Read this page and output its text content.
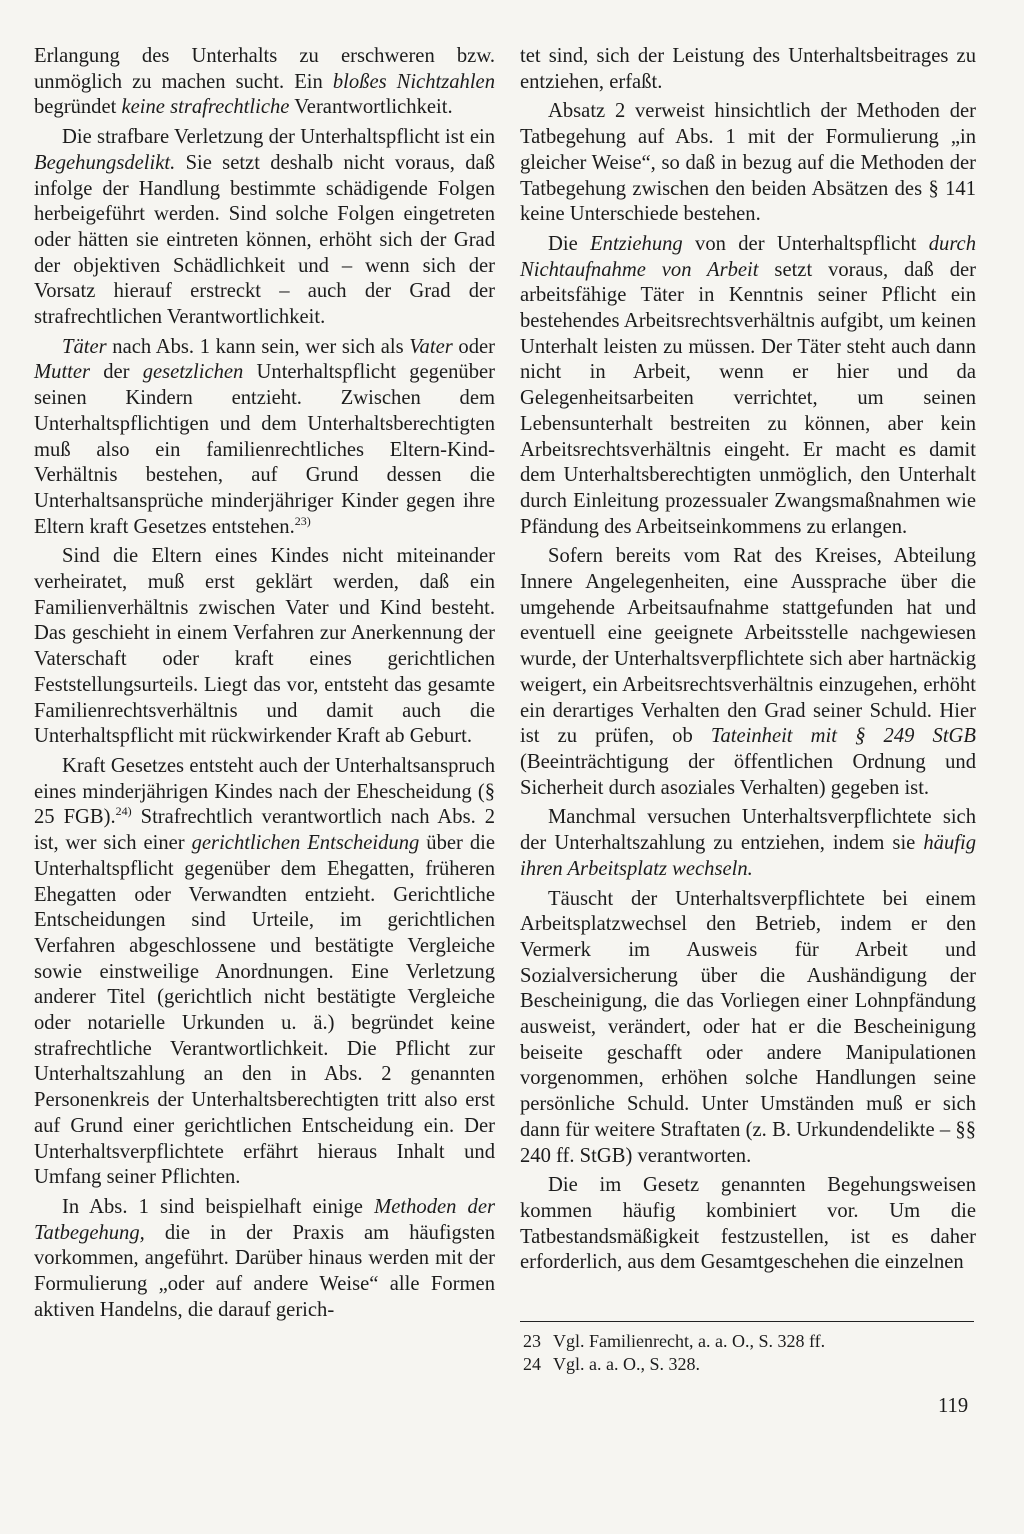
Erlangung des Unterhalts zu erschweren bzw. unmöglich zu machen sucht. Ein bloßes Nichtzahlen begründet keine strafrechtliche Verantwortlichkeit.

Die strafbare Verletzung der Unterhaltspflicht ist ein Begehungsdelikt. Sie setzt deshalb nicht voraus, daß infolge der Handlung bestimmte schädigende Folgen herbeigeführt werden. Sind solche Folgen eingetreten oder hätten sie eintreten können, erhöht sich der Grad der objektiven Schädlichkeit und – wenn sich der Vorsatz hierauf erstreckt – auch der Grad der strafrechtlichen Verantwortlichkeit.

Täter nach Abs. 1 kann sein, wer sich als Vater oder Mutter der gesetzlichen Unterhaltspflicht gegenüber seinen Kindern entzieht. Zwischen dem Unterhaltspflichtigen und dem Unterhaltsberechtigten muß also ein familienrechtliches Eltern-Kind-Verhältnis bestehen, auf Grund dessen die Unterhaltsansprüche minderjähriger Kinder gegen ihre Eltern kraft Gesetzes entstehen.$^{23)}$

Sind die Eltern eines Kindes nicht miteinander verheiratet, muß erst geklärt werden, daß ein Familienverhältnis zwischen Vater und Kind besteht. Das geschieht in einem Verfahren zur Anerkennung der Vaterschaft oder kraft eines gerichtlichen Feststellungsurteils. Liegt das vor, entsteht das gesamte Familienrechtsverhältnis und damit auch die Unterhaltspflicht mit rückwirkender Kraft ab Geburt.

Kraft Gesetzes entsteht auch der Unterhaltsanspruch eines minderjährigen Kindes nach der Ehescheidung (§ 25 FGB).$^{24)}$ Strafrechtlich verantwortlich nach Abs. 2 ist, wer sich einer gerichtlichen Entscheidung über die Unterhaltspflicht gegenüber dem Ehegatten, früheren Ehegatten oder Verwandten entzieht. Gerichtliche Entscheidungen sind Urteile, im gerichtlichen Verfahren abgeschlossene und bestätigte Vergleiche sowie einstweilige Anordnungen. Eine Verletzung anderer Titel (gerichtlich nicht bestätigte Vergleiche oder notarielle Urkunden u. ä.) begründet keine strafrechtliche Verantwortlichkeit. Die Pflicht zur Unterhaltszahlung an den in Abs. 2 genannten Personenkreis der Unterhaltsberechtigten tritt also erst auf Grund einer gerichtlichen Entscheidung ein. Der Unterhaltsverpflichtete erfährt hieraus Inhalt und Umfang seiner Pflichten.

In Abs. 1 sind beispielhaft einige Methoden der Tatbegehung, die in der Praxis am häufigsten vorkommen, angeführt. Darüber hinaus werden mit der Formulierung „oder auf andere Weise“ alle Formen aktiven Handelns, die darauf gerich-

tet sind, sich der Leistung des Unterhaltsbeitrages zu entziehen, erfaßt.

Absatz 2 verweist hinsichtlich der Methoden der Tatbegehung auf Abs. 1 mit der Formulierung „in gleicher Weise“, so daß in bezug auf die Methoden der Tatbegehung zwischen den beiden Absätzen des § 141 keine Unterschiede bestehen.

Die Entziehung von der Unterhaltspflicht durch Nichtaufnahme von Arbeit setzt voraus, daß der arbeitsfähige Täter in Kenntnis seiner Pflicht ein bestehendes Arbeitsrechtsverhältnis aufgibt, um keinen Unterhalt leisten zu müssen. Der Täter steht auch dann nicht in Arbeit, wenn er hier und da Gelegenheitsarbeiten verrichtet, um seinen Lebensunterhalt bestreiten zu können, aber kein Arbeitsrechtsverhältnis eingeht. Er macht es damit dem Unterhaltsberechtigten unmöglich, den Unterhalt durch Einleitung prozessualer Zwangsmaßnahmen wie Pfändung des Arbeitseinkommens zu erlangen.

Sofern bereits vom Rat des Kreises, Abteilung Innere Angelegenheiten, eine Aussprache über die umgehende Arbeitsaufnahme stattgefunden hat und eventuell eine geeignete Arbeitsstelle nachgewiesen wurde, der Unterhaltsverpflichtete sich aber hartnäckig weigert, ein Arbeitsrechtsverhältnis einzugehen, erhöht ein derartiges Verhalten den Grad seiner Schuld. Hier ist zu prüfen, ob Tateinheit mit § 249 StGB (Beeinträchtigung der öffentlichen Ordnung und Sicherheit durch asoziales Verhalten) gegeben ist.

Manchmal versuchen Unterhaltsverpflichtete sich der Unterhaltszahlung zu entziehen, indem sie häufig ihren Arbeitsplatz wechseln.

Täuscht der Unterhaltsverpflichtete bei einem Arbeitsplatzwechsel den Betrieb, indem er den Vermerk im Ausweis für Arbeit und Sozialversicherung über die Aushändigung der Bescheinigung, die das Vorliegen einer Lohnpfändung ausweist, verändert, oder hat er die Bescheinigung beiseite geschafft oder andere Manipulationen vorgenommen, erhöhen solche Handlungen seine persönliche Schuld. Unter Umständen muß er sich dann für weitere Straftaten (z. B. Urkundendelikte – §§ 240 ff. StGB) verantworten.

Die im Gesetz genannten Begehungsweisen kommen häufig kombiniert vor. Um die Tatbestandsmäßigkeit festzustellen, ist es daher erforderlich, aus dem Gesamtgeschehen die einzelnen

23 Vgl. Familienrecht, a. a. O., S. 328 ff.
24 Vgl. a. a. O., S. 328.
119
